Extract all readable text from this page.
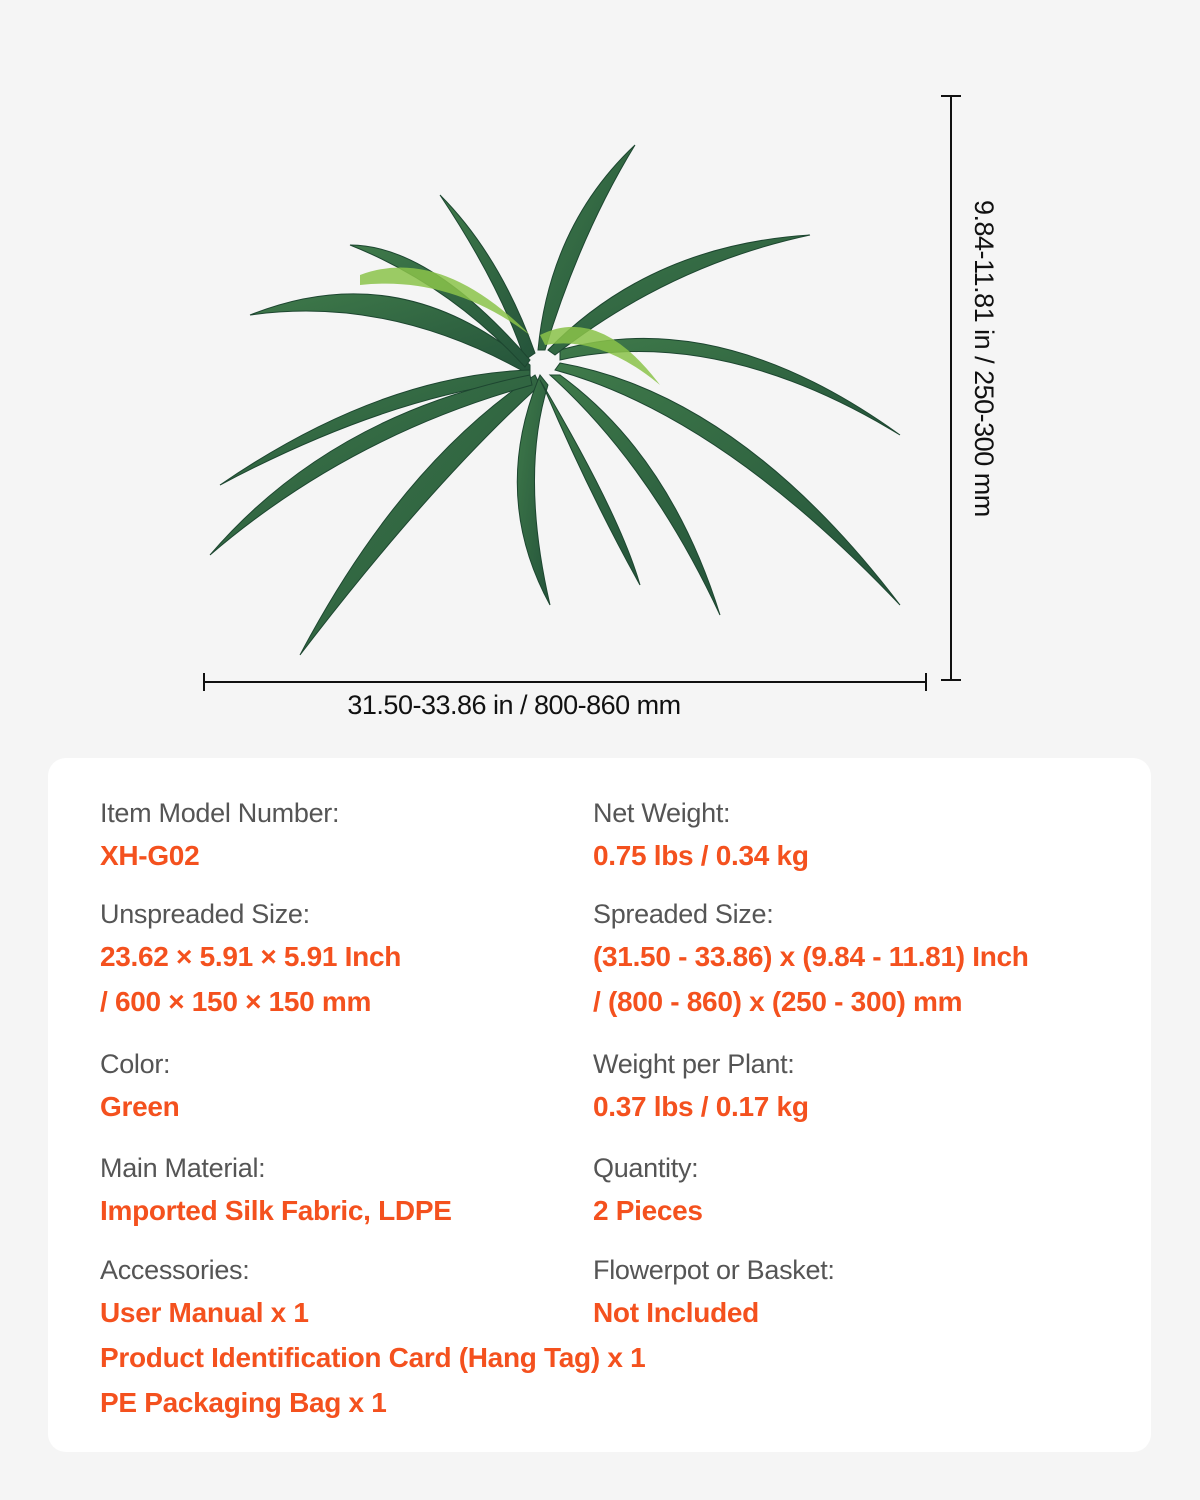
31.50-33.86 in / 800-860 mm
9.84-11.81 in / 250-300 mm
Item Model Number:
XH-G02
Unspreaded Size:
23.62 × 5.91 × 5.91 Inch
/ 600 × 150 × 150 mm
Color:
Green
Main Material:
Imported Silk Fabric, LDPE
Accessories:
User Manual x 1
Product Identification Card (Hang Tag) x 1
PE Packaging Bag x 1
Net Weight:
0.75 lbs / 0.34 kg
Spreaded Size:
(31.50 - 33.86) x (9.84 - 11.81) Inch
/ (800 - 860) x (250 - 300) mm
Weight per Plant:
0.37 lbs / 0.17 kg
Quantity:
2 Pieces
Flowerpot or Basket:
Not Included
